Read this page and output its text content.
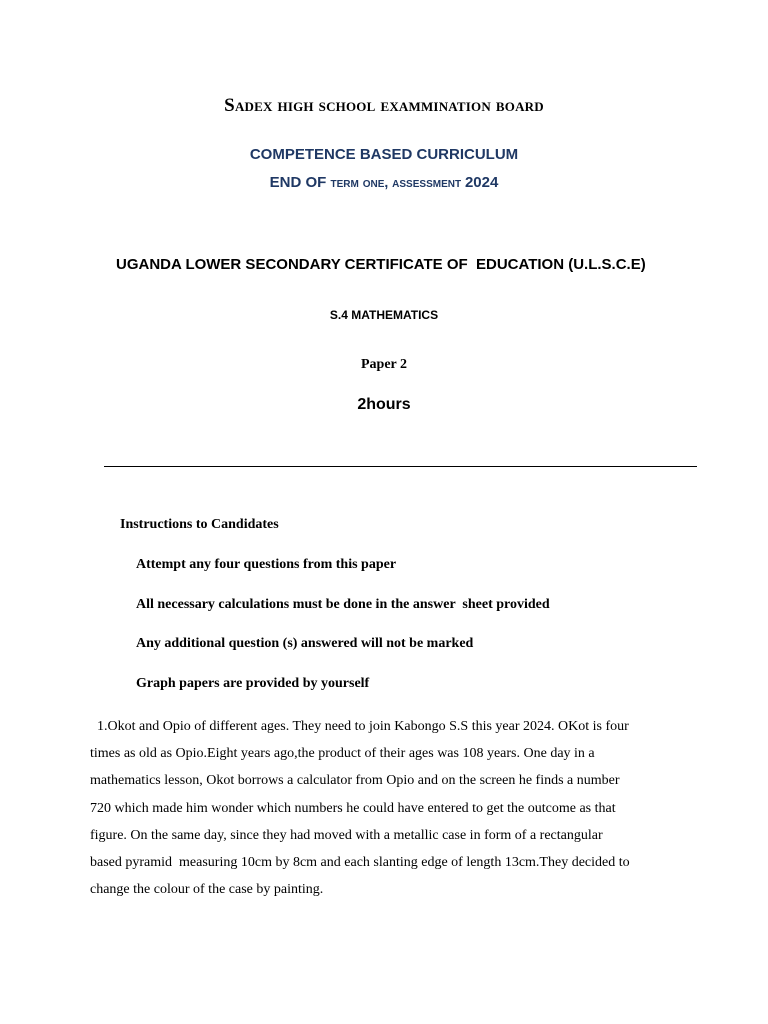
Sadex high school exammination board
COMPETENCE BASED CURRICULUM
END OF term one, assessment 2024
UGANDA LOWER SECONDARY CERTIFICATE OF  EDUCATION (U.L.S.C.E)
S.4 MATHEMATICS
Paper 2
2hours
Instructions to Candidates
Attempt any four questions from this paper
All necessary calculations must be done in the answer  sheet provided
Any additional question (s) answered will not be marked
Graph papers are provided by yourself
1.Okot and Opio of different ages. They need to join Kabongo S.S this year 2024. OKot is four
times as old as Opio.Eight years ago,the product of their ages was 108 years. One day in a
mathematics lesson, Okot borrows a calculator from Opio and on the screen he finds a number
720 which made him wonder which numbers he could have entered to get the outcome as that
figure. On the same day, since they had moved with a metallic case in form of a rectangular
based pyramid  measuring 10cm by 8cm and each slanting edge of length 13cm.They decided to
change the colour of the case by painting.
